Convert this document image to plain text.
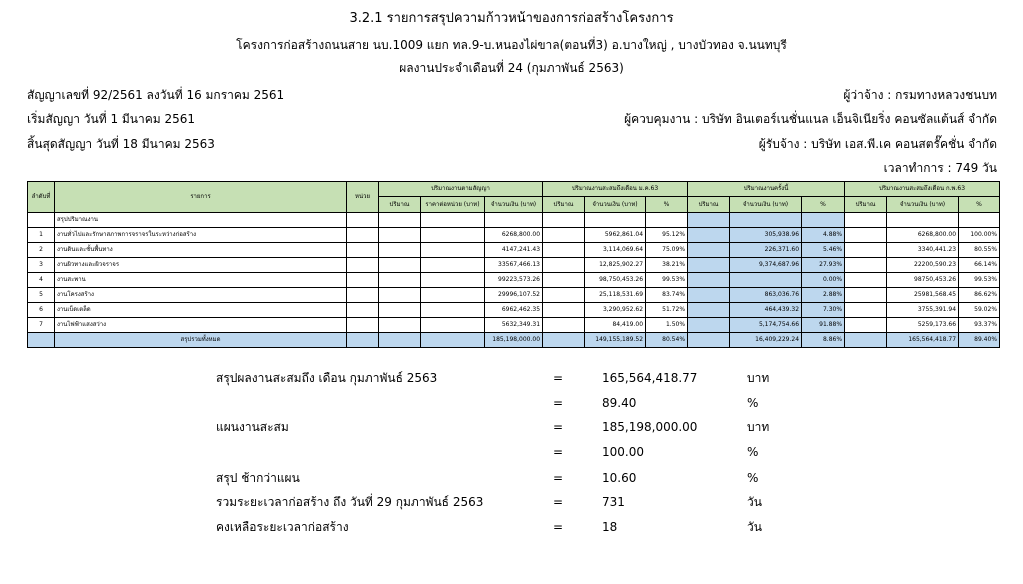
3.2.1 รายการสรุปความก้าวหน้าของการก่อสร้างโครงการ
โครงการก่อสร้างถนนสาย นบ.1009 แยก ทล.9-บ.หนองไผ่ขาล(ตอนที่3) อ.บางใหญ่ , บางบัวทอง จ.นนทบุรี
ผลงานประจำเดือนที่ 24 (กุมภาพันธ์ 2563)
สัญญาเลขที่ 92/2561 ลงวันที่ 16 มกราคม 2561
เริ่มสัญญา วันที่ 1 มีนาคม 2561
สิ้นสุดสัญญา วันที่ 18 มีนาคม 2563
ผู้ว่าจ้าง : กรมทางหลวงชนบท
ผู้ควบคุมงาน : บริษัท อินเตอร์เนชั่นแนล เอ็นจิเนียริ่ง คอนซัลแต้นส์ จำกัด
ผู้รับจ้าง : บริษัท เอส.พี.เค คอนสตรั๊คชั่น จำกัด
เวลาทำการ : 749 วัน
ลำดับที่	รายการ	หน่วย	ปริมาณงานตามสัญญา			ปริมาณงานสะสมถึงเดือน ม.ค.63			ปริมาณงานครั้งนี้			ปริมาณงานสะสมถึงเดือน ก.พ.63		
			ปริมาณ	ราคาต่อหน่วย (บาท)	จำนวนเงิน (บาท)	ปริมาณ	จำนวนเงิน (บาท)	%	ปริมาณ	จำนวนเงิน (บาท)	%	ปริมาณ	จำนวนเงิน (บาท)	%
	สรุปปริมาณงาน													
1	งานทั่วไปและรักษาสภาพการจราจรในระหว่างก่อสร้าง				6268,800.00		5962,861.04	95.12%		305,938.96	4.88%		6268,800.00	100.00%
2	งานดินและชั้นพื้นทาง				4147,241.43		3,114,069.64	75.09%		226,371.60	5.46%		3340,441.23	80.55%
3	งานผิวทางและผิวจราจร				33567,466.13		12,825,902.27	38.21%		9,374,687.96	27.93%		22200,590.23	66.14%
4	งานสะพาน				99223,573.26		98,750,453.26	99.53%			0.00%		98750,453.26	99.53%
5	งานโครงสร้าง				29996,107.52		25,118,531.69	83.74%		863,036.76	2.88%		25981,568.45	86.62%
6	งานเบ็ดเตล็ด				6962,462.35		3,290,952.62	51.72%		464,439.32	7.30%		3755,391.94	59.02%
7	งานไฟฟ้าแสงสว่าง				5632,349.31		84,419.00	1.50%		5,174,754.66	91.88%		5259,173.66	93.37%
	สรุปรวมทั้งหมด				185,198,000.00		149,155,189.52	80.54%		16,409,229.24	8.86%		165,564,418.77	89.40%
สรุปผลงานสะสมถึง เดือน กุมภาพันธ์ 2563	=	165,564,418.77	บาท
=	89.40	%
แผนงานสะสม	=	185,198,000.00	บาท
=	100.00	%
สรุป ช้ากว่าแผน	=	10.60	%
รวมระยะเวลาก่อสร้าง ถึง วันที่ 29 กุมภาพันธ์ 2563	=	731	วัน
คงเหลือระยะเวลาก่อสร้าง	=	18	วัน
